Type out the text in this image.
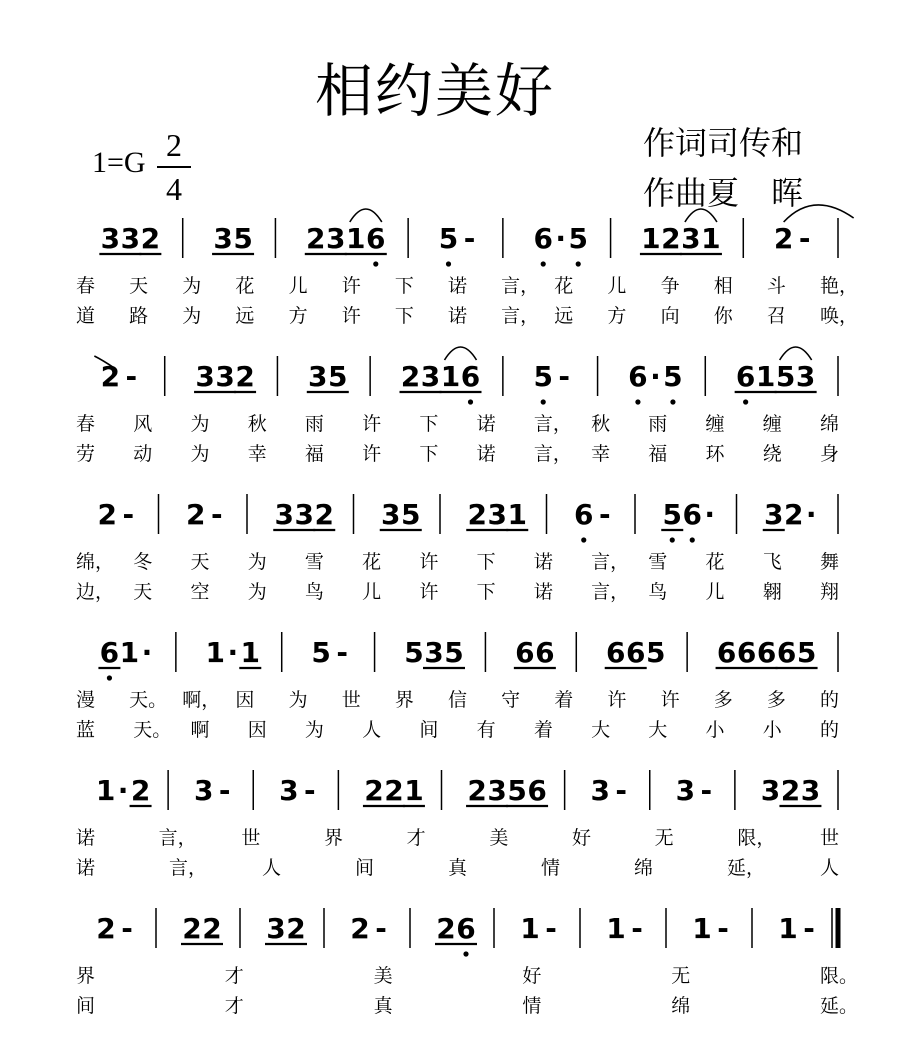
相约美好
1=G 2
4
作词司传和
作曲夏　晖
3 3 2 3 5 2 3 1 6 5 - 6 · 5 1 2 3 1 2 -
春 天 为 花 儿 许 下 诺 言， 花 儿 争 相 斗 艳，
道 路 为 远 方 许 下 诺 言， 远 方 向 你 召 唤，
2 - 3 3 2 3 5 2 3 1 6 5 - 6 · 5 6 1 5 3
春 风 为 秋 雨 许 下 诺 言， 秋 雨 缠 缠 绵
劳 动 为 幸 福 许 下 诺 言， 幸 福 环 绕 身
2 - 2 - 3 3 2 3 5 2 3 1 6 - 5 6 · 3 2 ·
绵， 冬 天 为 雪 花 许 下 诺 言， 雪 花 飞 舞
边， 天 空 为 鸟 儿 许 下 诺 言， 鸟 儿 翱 翔
6 1 · 1 · 1 5 - 5 3 5 6 6 6 6 5 6 6 6 6 5
漫 天。 啊， 因 为 世 界 信 守 着 许 许 多 多 的
蓝 天。 啊 因 为 人 间 有 着 大 大 小 小 的
1 · 2 3 - 3 - 2 2 1 2 3 5 6 3 - 3 - 3 2 3
诺	言， 世	界	才	美	好	无	限， 世
诺	言，	人	间	真	情	绵	延，	人
2 - 2 2 3 2 2 - 2 6 1 - 1 - 1 - 1 -
界	才	美	好	无	限。
间	才	真	情	绵	延。
